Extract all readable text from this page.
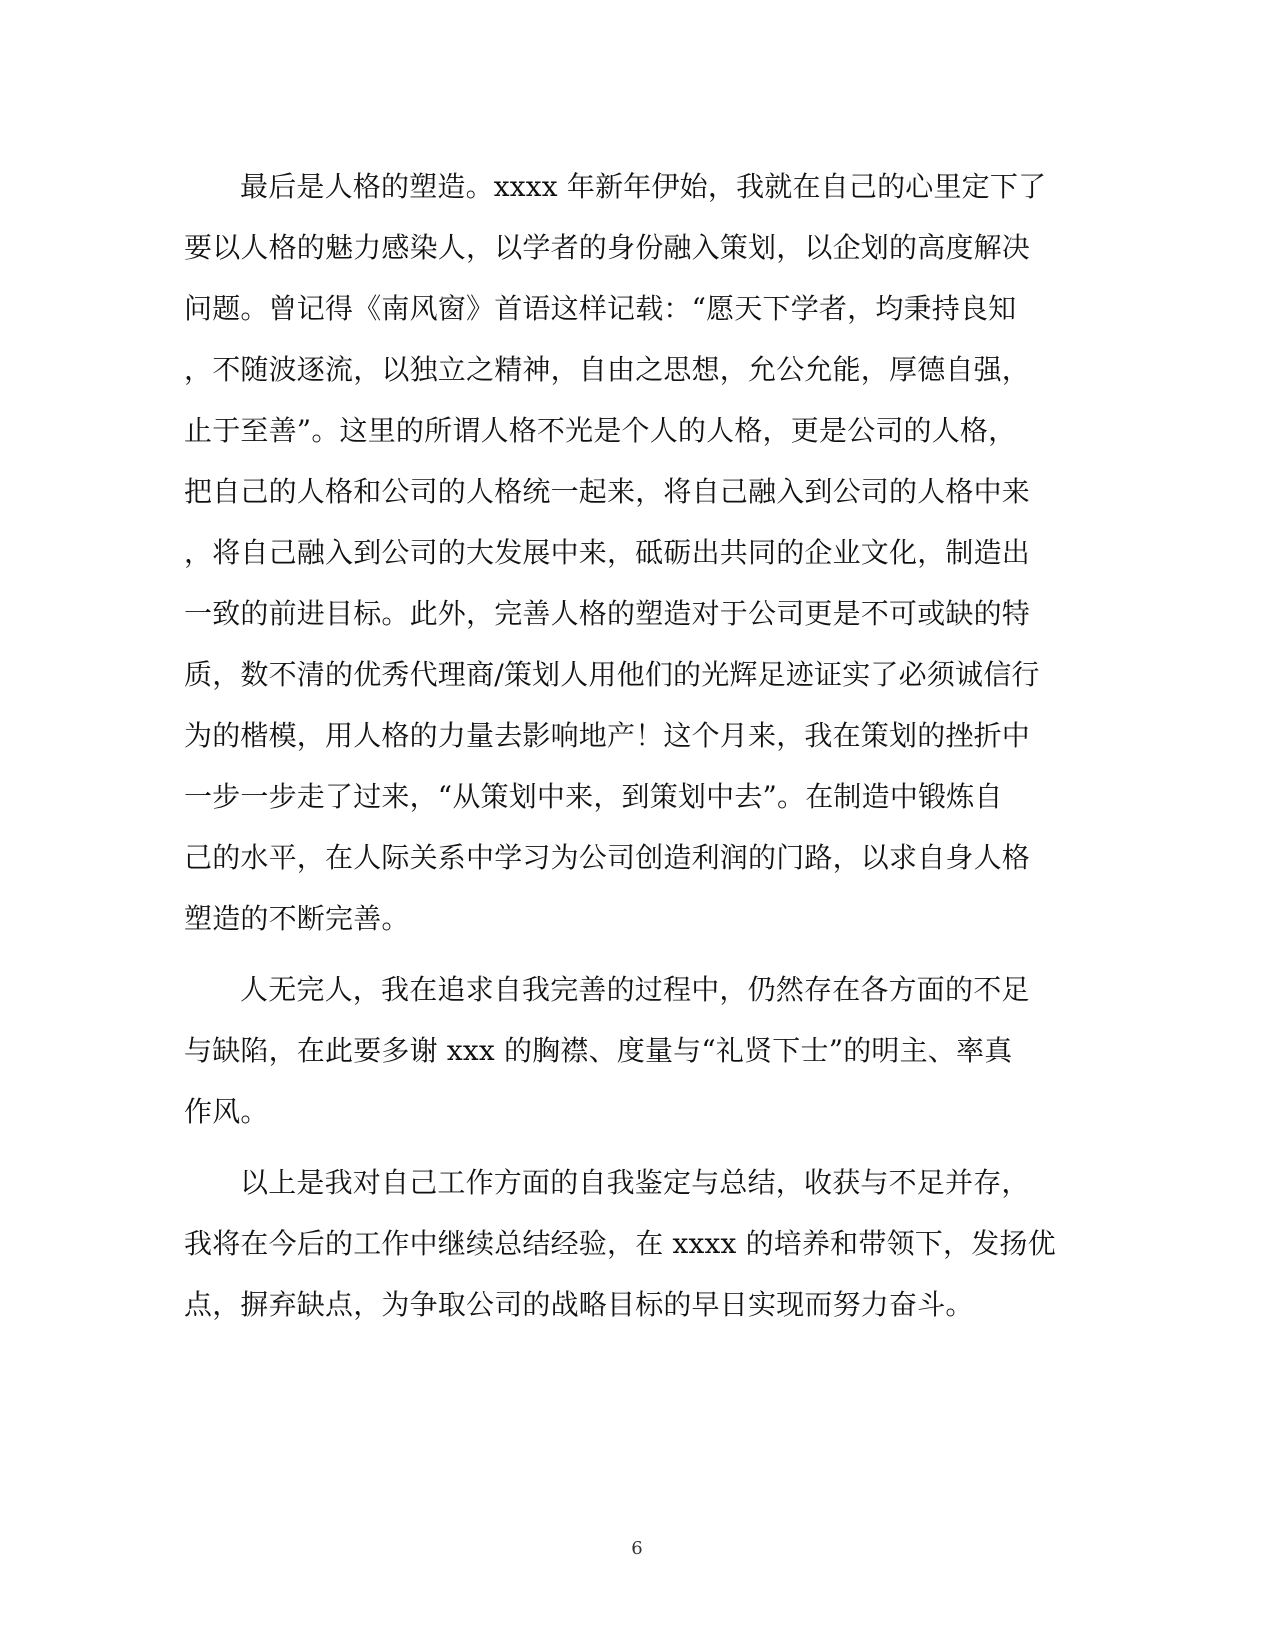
最后是人格的塑造。xxxx 年新年伊始，我就在自己的心里定下了
要以人格的魅力感染人，以学者的身份融入策划，以企划的高度解决
问题。曾记得《南风窗》首语这样记载：“愿天下学者，均秉持良知
，不随波逐流，以独立之精神，自由之思想，允公允能，厚德自强，
止于至善”。这里的所谓人格不光是个人的人格，更是公司的人格，
把自己的人格和公司的人格统一起来，将自己融入到公司的人格中来
，将自己融入到公司的大发展中来，砥砺出共同的企业文化，制造出
一致的前进目标。此外，完善人格的塑造对于公司更是不可或缺的特
质，数不清的优秀代理商/策划人用他们的光辉足迹证实了必须诚信行
为的楷模，用人格的力量去影响地产！这个月来，我在策划的挫折中
一步一步走了过来，“从策划中来，到策划中去”。在制造中锻炼自
己的水平，在人际关系中学习为公司创造利润的门路，以求自身人格
塑造的不断完善。
人无完人，我在追求自我完善的过程中，仍然存在各方面的不足
与缺陷，在此要多谢 xxx 的胸襟、度量与“礼贤下士”的明主、率真
作风。
以上是我对自己工作方面的自我鉴定与总结，收获与不足并存，
我将在今后的工作中继续总结经验，在 xxxx 的培养和带领下，发扬优
点，摒弃缺点，为争取公司的战略目标的早日实现而努力奋斗。
6
